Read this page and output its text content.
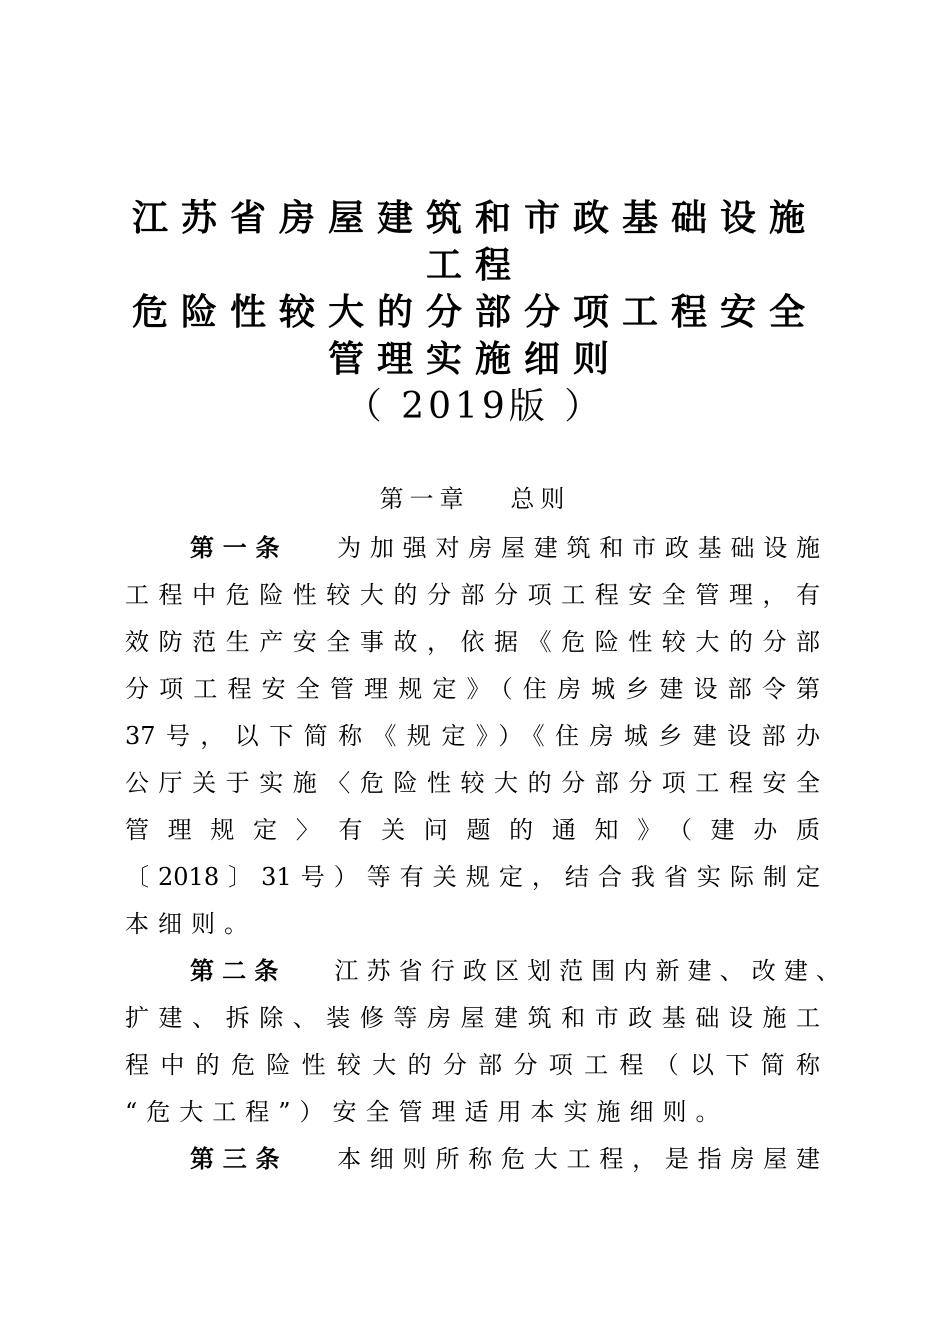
江苏省房屋建筑和市政基础设施
工程
危险性较大的分部分项工程安全
管理实施细则
（ 2019版 ）
第一章   总则
第一条 为加强对房屋建筑和市政基础设施
工程中危险性较大的分部分项工程安全管理，有
效防范生产安全事故，依据《危险性较大的分部
分项工程安全管理规定》（住房城乡建设部令第
37号，以下简称《规定》）《住房城乡建设部办
公厅关于实施〈危险性较大的分部分项工程安全
管理规定〉有关问题的通知》（建办质
〔2018〕31号）等有关规定，结合我省实际制定
本细则。
第二条 江苏省行政区划范围内新建、改建、
扩建、拆除、装修等房屋建筑和市政基础设施工
程中的危险性较大的分部分项工程（以下简称
“危大工程”）安全管理适用本实施细则。
第三条 本细则所称危大工程，是指房屋建
